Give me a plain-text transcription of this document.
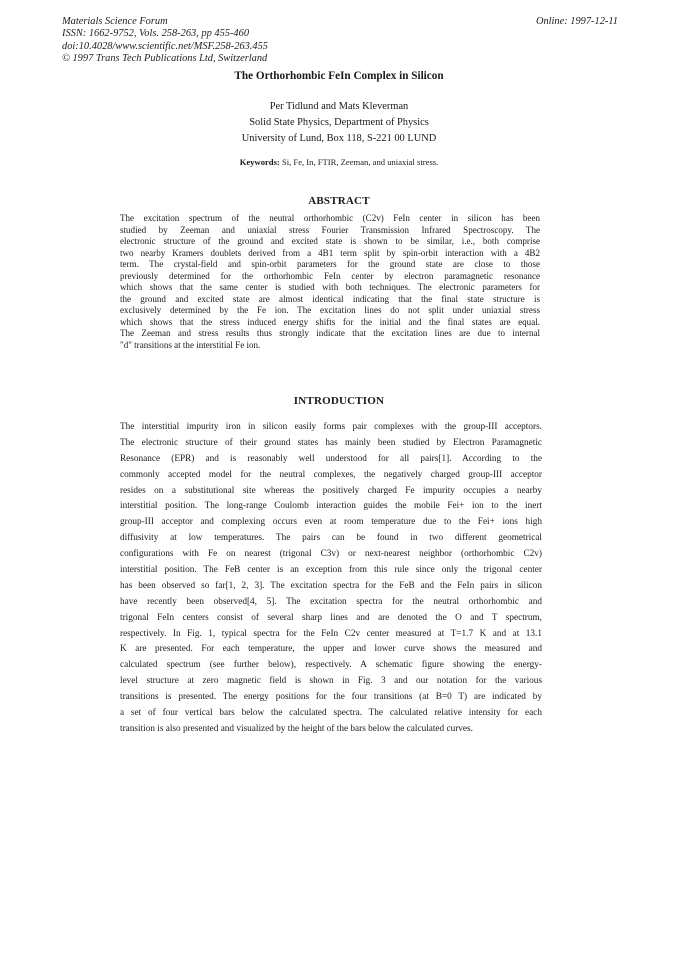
Materials Science Forum
ISSN: 1662-9752, Vols. 258-263, pp 455-460
doi:10.4028/www.scientific.net/MSF.258-263.455
© 1997 Trans Tech Publications Ltd, Switzerland
Online: 1997-12-11
The Orthorhombic FeIn Complex in Silicon
Per Tidlund and Mats Kleverman
Solid State Physics, Department of Physics
University of Lund, Box 118, S-221 00 LUND
Keywords: Si, Fe, In, FTIR, Zeeman, and uniaxial stress.
ABSTRACT
The excitation spectrum of the neutral orthorhombic (C2v) FeIn center in silicon has been
studied by Zeeman and uniaxial stress Fourier Transmission Infrared Spectroscopy. The
electronic structure of the ground and excited state is shown to be similar, i.e., both comprise
two nearby Kramers doublets derived from a 4B1 term split by spin-orbit interaction with a 4B2
term. The crystal-field and spin-orbit parameters for the ground state are close to those
previously determined for the orthorhombic FeIn center by electron paramagnetic resonance
which shows that the same center is studied with both techniques. The electronic parameters for
the ground and excited state are almost identical indicating that the final state structure is
exclusively determined by the Fe ion. The excitation lines do not split under uniaxial stress
which shows that the stress induced energy shifts for the initial and the final states are equal.
The Zeeman and stress results thus strongly indicate that the excitation lines are due to internal
"d" transitions at the interstitial Fe ion.
INTRODUCTION
The interstitial impurity iron in silicon easily forms pair complexes with the group-III acceptors.
The electronic structure of their ground states has mainly been studied by Electron Paramagnetic
Resonance (EPR) and is reasonably well understood for all pairs[1]. According to the
commonly accepted model for the neutral complexes, the negatively charged group-III acceptor
resides on a substitutional site whereas the positively charged Fe impurity occupies a nearby
interstitial position. The long-range Coulomb interaction guides the mobile Fei+ ion to the inert
group-III acceptor and complexing occurs even at room temperature due to the Fei+ ions high
diffusivity at low temperatures. The pairs can be found in two different geometrical
configurations with Fe on nearest (trigonal C3v) or next-nearest neighbor (orthorhombic C2v)
interstitial position. The FeB center is an exception from this rule since only the trigonal center
has been observed so far[1, 2, 3]. The excitation spectra for the FeB and the FeIn pairs in silicon
have recently been observed[4, 5]. The excitation spectra for the neutral orthorhombic and
trigonal FeIn centers consist of several sharp lines and are denoted the O and T spectrum,
respectively. In Fig. 1, typical spectra for the FeIn C2v center measured at T=1.7 K and at 13.1
K are presented. For each temperature, the upper and lower curve shows the measured and
calculated spectrum (see further below), respectively. A schematic figure showing the energy-
level structure at zero magnetic field is shown in Fig. 3 and our notation for the various
transitions is presented. The energy positions for the four transitions (at B=0 T) are indicated by
a set of four vertical bars below the calculated spectra. The calculated relative intensity for each
transition is also presented and visualized by the height of the bars below the calculated curves.
